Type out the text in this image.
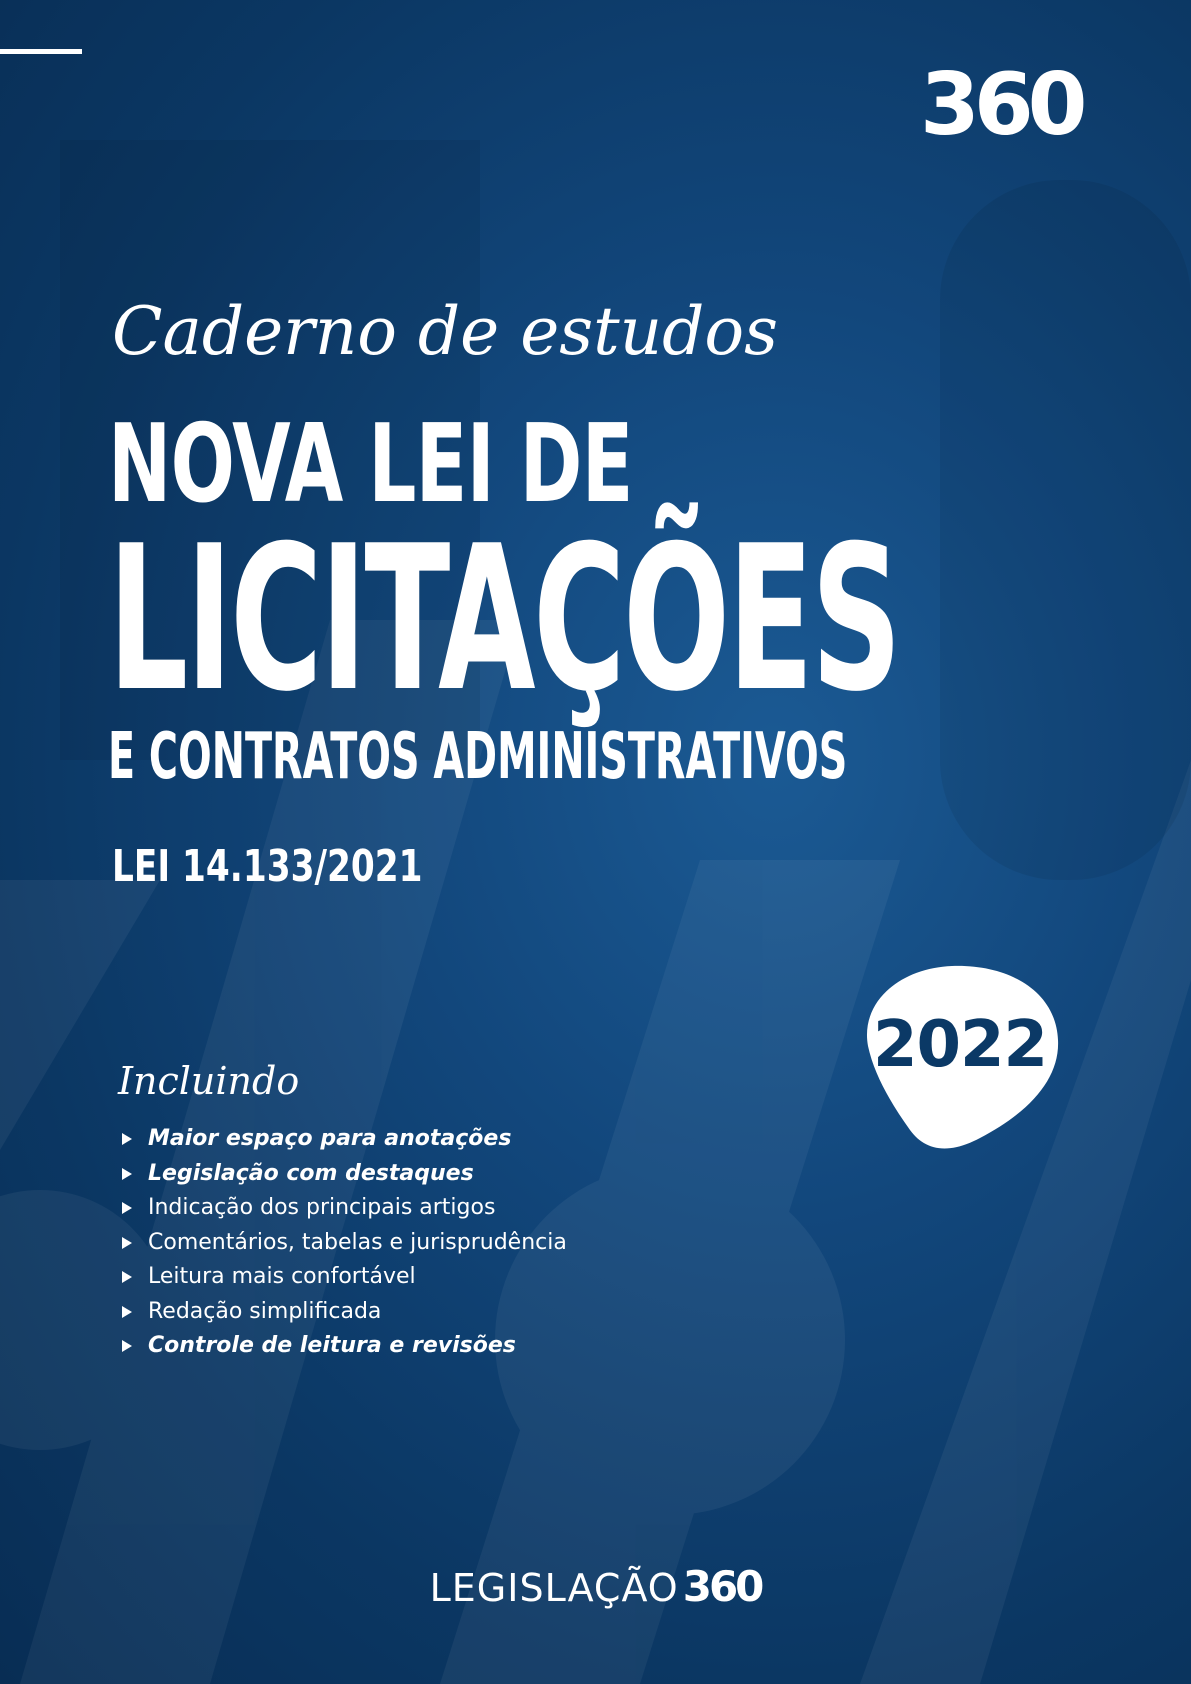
360
Caderno de estudos
NOVA LEI DE
LICITAÇÕES
E CONTRATOS ADMINISTRATIVOS
LEI 14.133/2021
2022
Incluindo
Maior espaço para anotações
Legislação com destaques
Indicação dos principais artigos
Comentários, tabelas e jurisprudência
Leitura mais confortável
Redação simplificada
Controle de leitura e revisões
LEGISLAÇÃO360
